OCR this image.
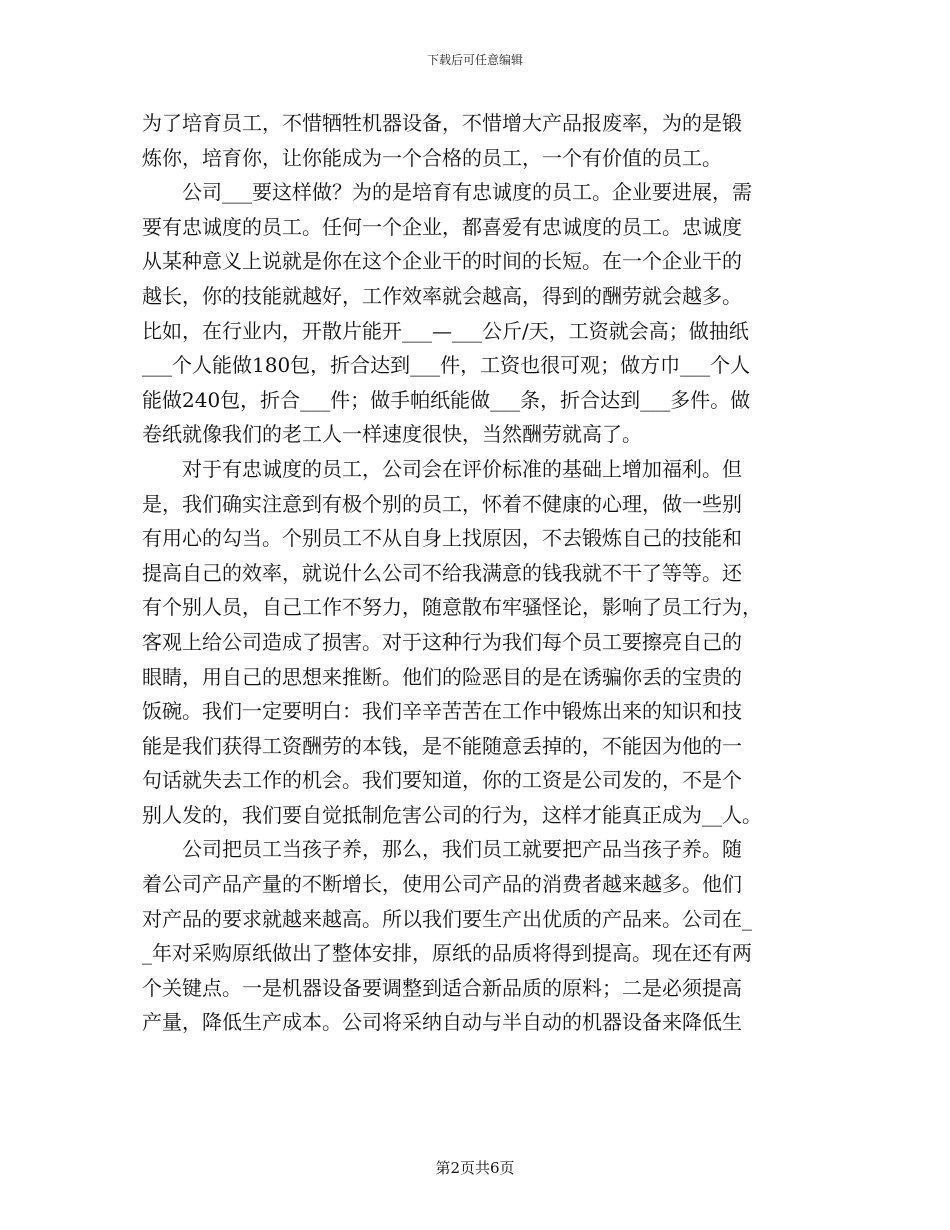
下载后可任意编辑
为了培育员工，不惜牺牲机器设备，不惜增大产品报废率，为的是锻
炼你，培育你，让你能成为一个合格的员工，一个有价值的员工。
公司___要这样做？为的是培育有忠诚度的员工。企业要进展，需
要有忠诚度的员工。任何一个企业，都喜爱有忠诚度的员工。忠诚度
从某种意义上说就是你在这个企业干的时间的长短。在一个企业干的
越长，你的技能就越好，工作效率就会越高，得到的酬劳就会越多。
比如，在行业内，开散片能开___—___公斤/天，工资就会高；做抽纸
___个人能做180包，折合达到___件，工资也很可观；做方巾___个人
能做240包，折合___件；做手帕纸能做___条，折合达到___多件。做
卷纸就像我们的老工人一样速度很快，当然酬劳就高了。
对于有忠诚度的员工，公司会在评价标准的基础上增加福利。但
是，我们确实注意到有极个别的员工，怀着不健康的心理，做一些别
有用心的勾当。个别员工不从自身上找原因，不去锻炼自己的技能和
提高自己的效率，就说什么公司不给我满意的钱我就不干了等等。还
有个别人员，自己工作不努力，随意散布牢骚怪论，影响了员工行为，
客观上给公司造成了损害。对于这种行为我们每个员工要擦亮自己的
眼睛，用自己的思想来推断。他们的险恶目的是在诱骗你丢的宝贵的
饭碗。我们一定要明白：我们辛辛苦苦在工作中锻炼出来的知识和技
能是我们获得工资酬劳的本钱，是不能随意丢掉的，不能因为他的一
句话就失去工作的机会。我们要知道，你的工资是公司发的，不是个
别人发的，我们要自觉抵制危害公司的行为，这样才能真正成为__人。
公司把员工当孩子养，那么，我们员工就要把产品当孩子养。随
着公司产品产量的不断增长，使用公司产品的消费者越来越多。他们
对产品的要求就越来越高。所以我们要生产出优质的产品来。公司在_
_年对采购原纸做出了整体安排，原纸的品质将得到提高。现在还有两
个关键点。一是机器设备要调整到适合新品质的原料；二是必须提高
产量，降低生产成本。公司将采纳自动与半自动的机器设备来降低生
第2页共6页
